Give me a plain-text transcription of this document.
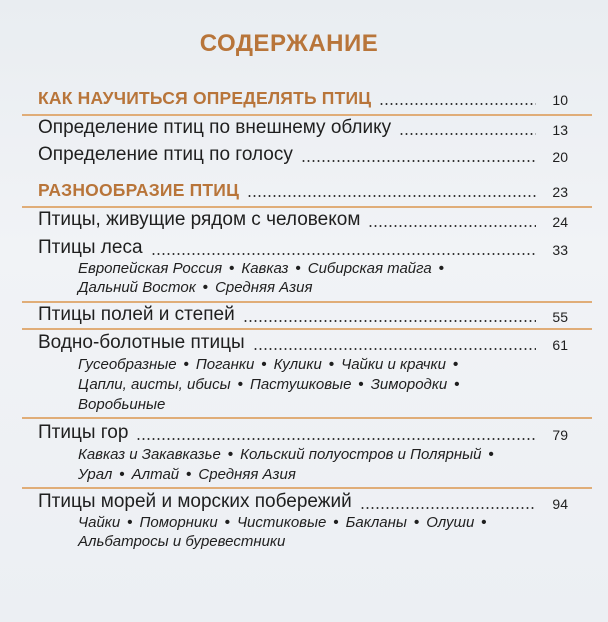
СОДЕРЖАНИЕ
КАК НАУЧИТЬСЯ ОПРЕДЕЛЯТЬ ПТИЦ	10
Определение птиц по внешнему облику	13
Определение птиц по голосу	20
РАЗНООБРАЗИЕ ПТИЦ	23
Птицы, живущие рядом с человеком	24
Птицы леса	33
Европейская Россия • Кавказ • Сибирская тайга •
Дальний Восток • Средняя Азия
Птицы полей и степей	55
Водно-болотные птицы	61
Гусеобразные • Поганки • Кулики • Чайки и крачки •
Цапли, аисты, ибисы • Пастушковые • Зимородки •
Воробьиные
Птицы гор	79
Кавказ и Закавказье • Кольский полуостров и Полярный •
Урал • Алтай • Средняя Азия
Птицы морей и морских побережий	94
Чайки • Поморники • Чистиковые • Бакланы • Олуши •
Альбатросы и буревестники
